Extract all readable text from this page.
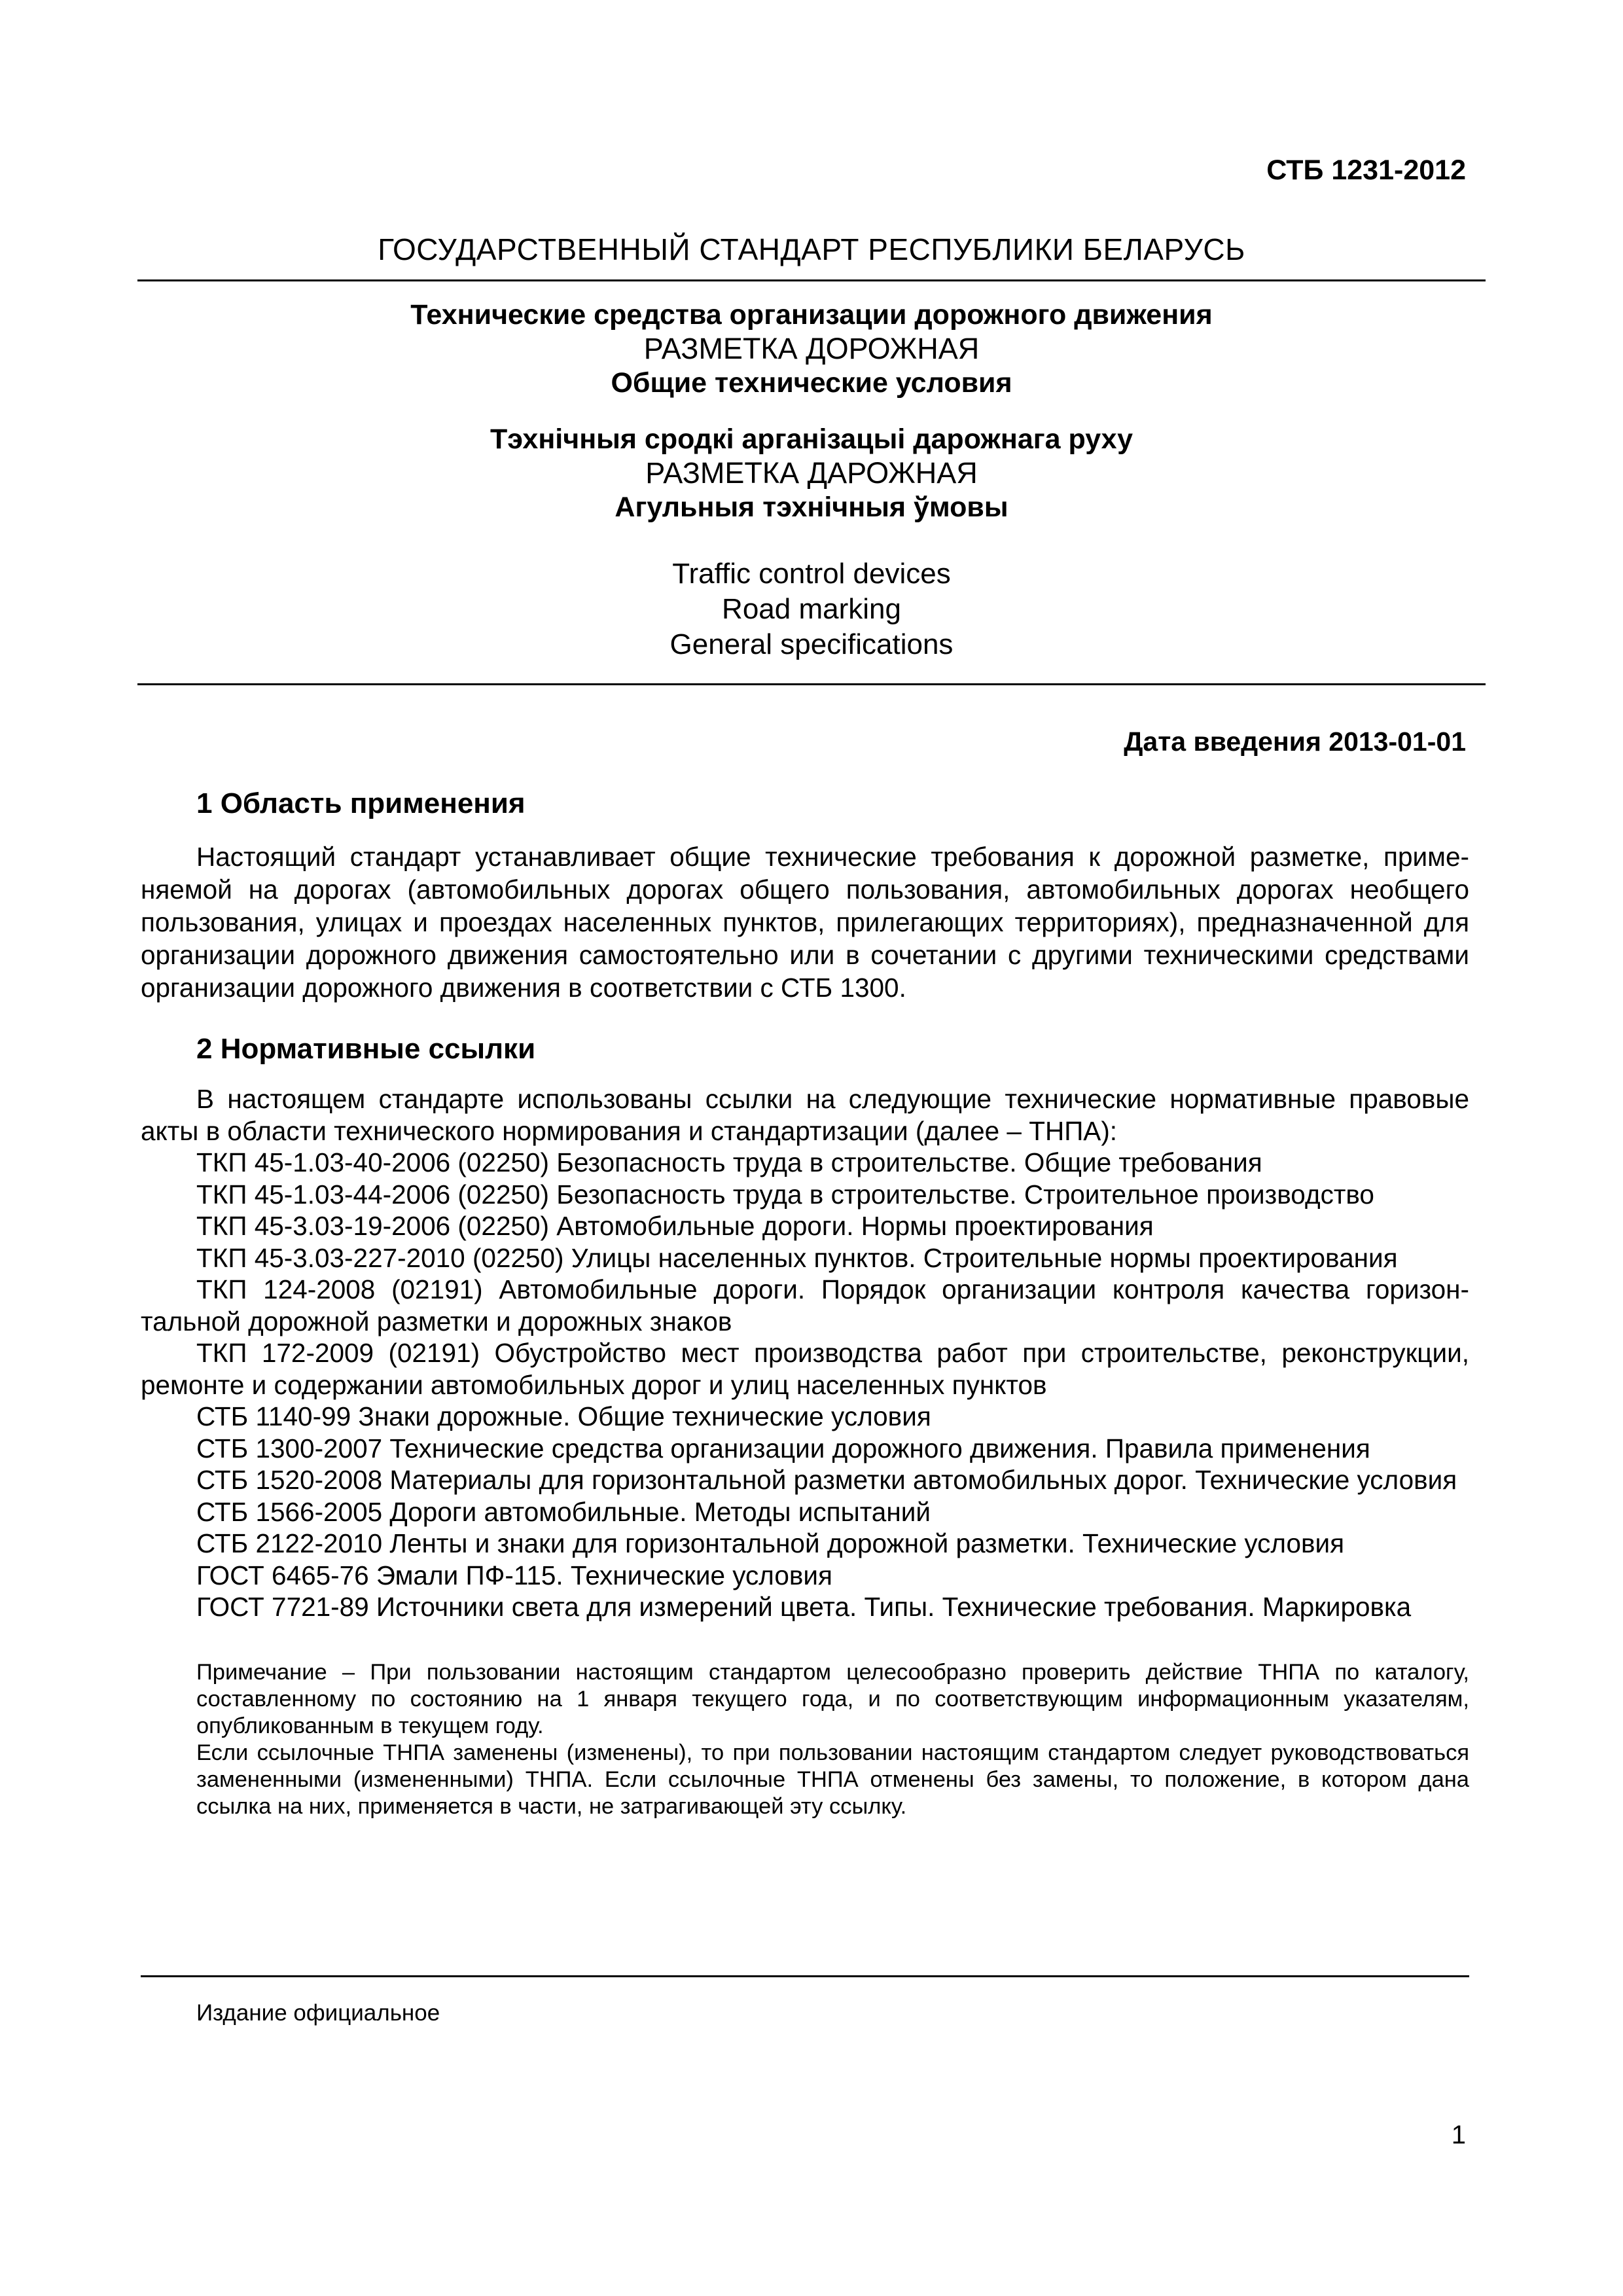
СТБ 1231-2012
ГОСУДАРСТВЕННЫЙ СТАНДАРТ РЕСПУБЛИКИ БЕЛАРУСЬ
Технические средства организации дорожного движения
РАЗМЕТКА ДОРОЖНАЯ
Общие технические условия
Тэхнічныя сродкі арганізацыі дарожнага руху
РАЗМЕТКА ДАРОЖНАЯ
Агульныя тэхнічныя ўмовы
Traffic control devices
Road marking
General specifications
Дата введения 2013-01-01
1 Область применения

Настоящий стандарт устанавливает общие технические требования к дорожной разметке, применяемой на дорогах (автомобильных дорогах общего пользования, автомобильных дорогах необщего пользования, улицах и проездах населенных пунктов, прилегающих территориях), предназначенной для организации дорожного движения самостоятельно или в сочетании с другими техническими средствами организации дорожного движения в соответствии с СТБ 1300.

2 Нормативные ссылки
В настоящем стандарте использованы ссылки на следующие технические нормативные правовые акты в области технического нормирования и стандартизации (далее – ТНПА):
ТКП 45-1.03-40-2006 (02250) Безопасность труда в строительстве. Общие требования
ТКП 45-1.03-44-2006 (02250) Безопасность труда в строительстве. Строительное производство
ТКП 45-3.03-19-2006 (02250) Автомобильные дороги. Нормы проектирования
ТКП 45-3.03-227-2010 (02250) Улицы населенных пунктов. Строительные нормы проектирования
ТКП 124-2008 (02191) Автомобильные дороги. Порядок организации контроля качества горизонтальной дорожной разметки и дорожных знаков
ТКП 172-2009 (02191) Обустройство мест производства работ при строительстве, реконструкции, ремонте и содержании автомобильных дорог и улиц населенных пунктов
СТБ 1140-99 Знаки дорожные. Общие технические условия
СТБ 1300-2007 Технические средства организации дорожного движения. Правила применения
СТБ 1520-2008 Материалы для горизонтальной разметки автомобильных дорог. Технические условия
СТБ 1566-2005 Дороги автомобильные. Методы испытаний
СТБ 2122-2010 Ленты и знаки для горизонтальной дорожной разметки. Технические условия
ГОСТ 6465-76 Эмали ПФ-115. Технические условия
ГОСТ 7721-89 Источники света для измерений цвета. Типы. Технические требования. Маркировка

Примечание – При пользовании настоящим стандартом целесообразно проверить действие ТНПА по каталогу, составленному по состоянию на 1 января текущего года, и по соответствующим информационным указателям, опубликованным в текущем году.

Если ссылочные ТНПА заменены (изменены), то при пользовании настоящим стандартом следует руководствоваться замененными (измененными) ТНПА. Если ссылочные ТНПА отменены без замены, то положение, в котором дана ссылка на них, применяется в части, не затрагивающей эту ссылку.

Издание официальное
1
